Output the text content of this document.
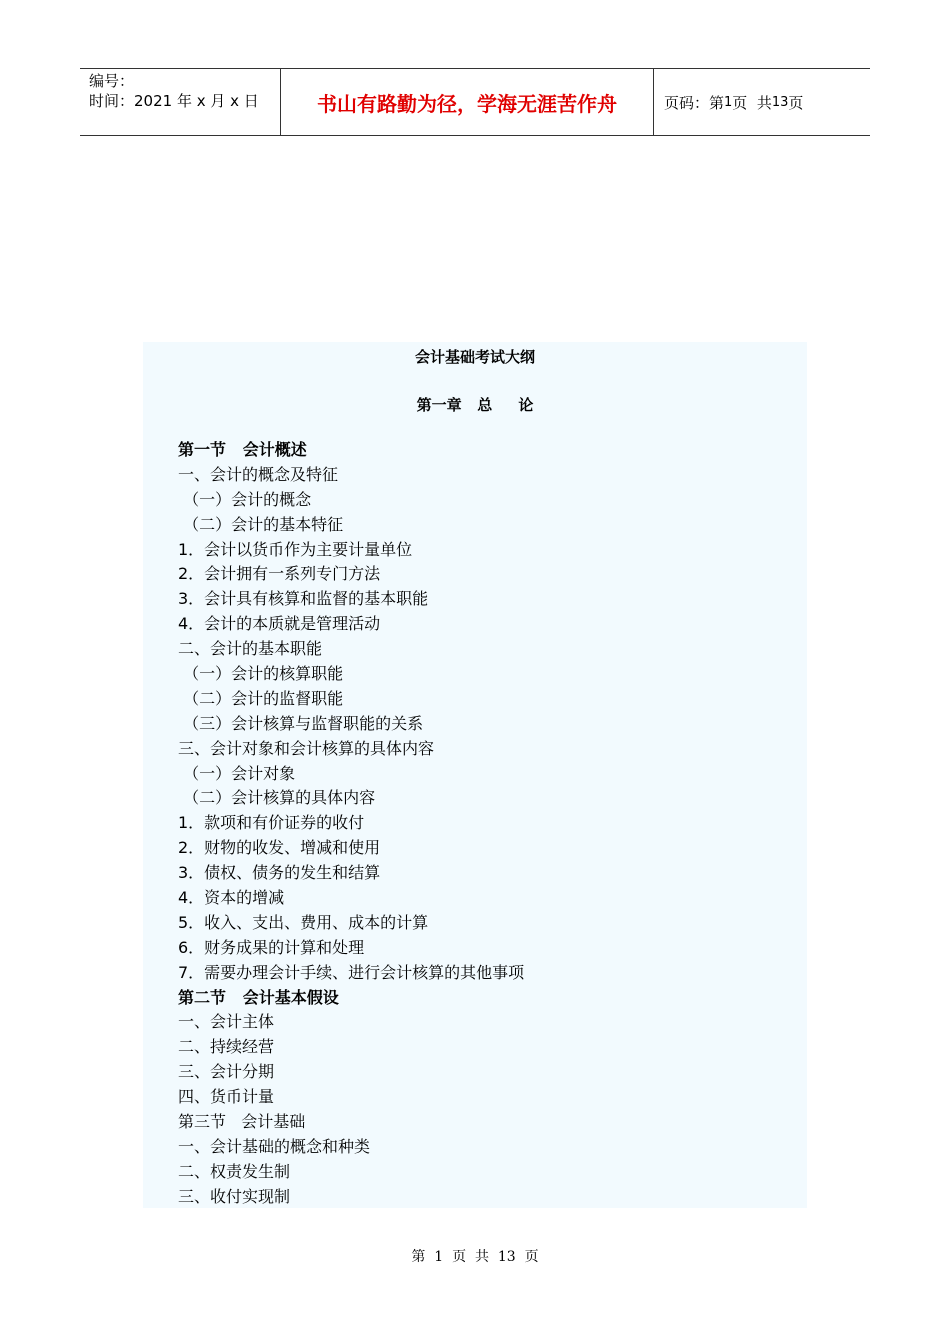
编号：
时间：2021 年 x 月 x 日	书山有路勤为径，学海无涯苦作舟	页码：第 1 页  共 13 页
会计基础考试大纲
第一章   总     论
第一节   会计概述
一、会计的概念及特征
（一）会计的概念
（二）会计的基本特征
1．会计以货币作为主要计量单位
2．会计拥有一系列专门方法
3．会计具有核算和监督的基本职能
4．会计的本质就是管理活动
二、会计的基本职能
（一）会计的核算职能
（二）会计的监督职能
（三）会计核算与监督职能的关系
三、会计对象和会计核算的具体内容
（一）会计对象
（二）会计核算的具体内容
1．款项和有价证券的收付
2．财物的收发、增减和使用
3．债权、债务的发生和结算
4．资本的增减
5．收入、支出、费用、成本的计算
6．财务成果的计算和处理
7．需要办理会计手续、进行会计核算的其他事项
第二节   会计基本假设
一、会计主体
二、持续经营
三、会计分期
四、货币计量
第三节   会计基础
一、会计基础的概念和种类
二、权责发生制
三、收付实现制
第  1  页  共  13  页
